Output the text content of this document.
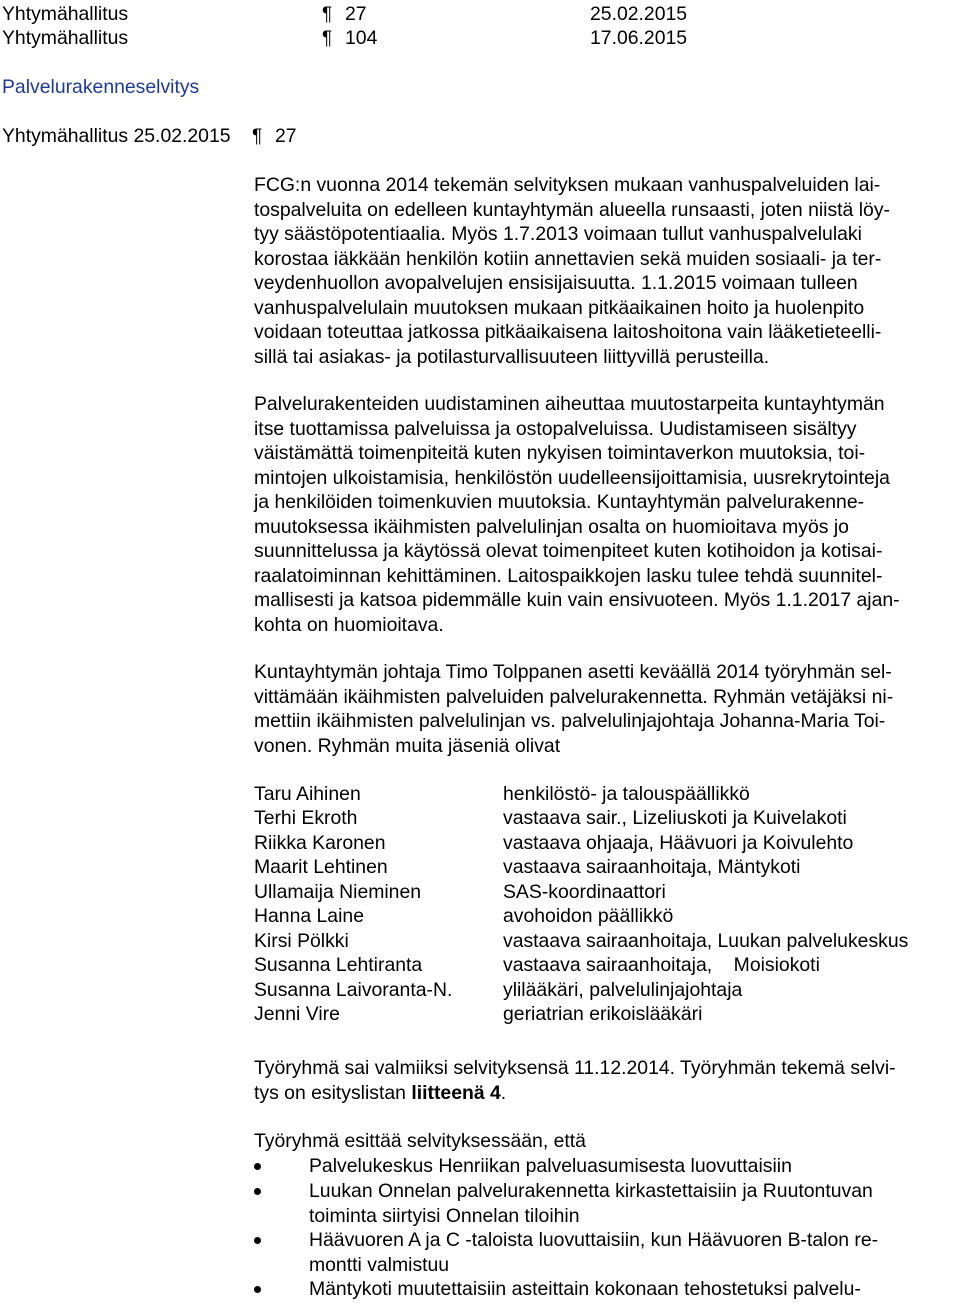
Yhtymähallitus	¶ 27	25.02.2015
Yhtymähallitus	¶ 104	17.06.2015
Palvelurakenneselvitys
Yhtymähallitus 25.02.2015 ¶ 27
FCG:n vuonna 2014 tekemän selvityksen mukaan vanhuspalveluiden lai-
tospalveluita on edelleen kuntayhtymän alueella runsaasti, joten niistä löy-
tyy säästöpotentiaalia. Myös 1.7.2013 voimaan tullut vanhuspalvelulaki
korostaa iäkkään henkilön kotiin annettavien sekä muiden sosiaali- ja ter-
veydenhuollon avopalvelujen ensisijaisuutta. 1.1.2015 voimaan tulleen
vanhuspalvelulain muutoksen mukaan pitkäaikainen hoito ja huolenpito
voidaan toteuttaa jatkossa pitkäaikaisena laitoshoitona vain lääketieteelli-
sillä tai asiakas- ja potilasturvallisuuteen liittyvillä perusteilla.
Palvelurakenteiden uudistaminen aiheuttaa muutostarpeita kuntayhtymän
itse tuottamissa palveluissa ja ostopalveluissa. Uudistamiseen sisältyy
väistämättä toimenpiteitä kuten nykyisen toimintaverkon muutoksia, toi-
mintojen ulkoistamisia, henkilöstön uudelleensijoittamisia, uusrekrytointeja
ja henkilöiden toimenkuvien muutoksia. Kuntayhtymän palvelurakenne-
muutoksessa ikäihmisten palvelulinjan osalta on huomioitava myös jo
suunnittelussa ja käytössä olevat toimenpiteet kuten kotihoidon ja kotisai-
raalatoiminnan kehittäminen. Laitospaikkojen lasku tulee tehdä suunnitel-
mallisesti ja katsoa pidemmälle kuin vain ensivuoteen. Myös 1.1.2017 ajan-
kohta on huomioitava.
Kuntayhtymän johtaja Timo Tolppanen asetti keväällä 2014 työryhmän sel-
vittämään ikäihmisten palveluiden palvelurakennetta. Ryhmän vetäjäksi ni-
mettiin ikäihmisten palvelulinjan vs. palvelulinjajohtaja Johanna-Maria Toi-
vonen. Ryhmän muita jäseniä olivat
Taru Aihinen	henkilöstö- ja talouspäällikkö
Terhi Ekroth	vastaava sair., Lizeliuskoti ja Kuivelakoti
Riikka Karonen	vastaava ohjaaja, Häävuori ja Koivulehto
Maarit Lehtinen	vastaava sairaanhoitaja, Mäntykoti
Ullamaija Nieminen	SAS-koordinaattori
Hanna Laine	avohoidon päällikkö
Kirsi Pölkki	vastaava sairaanhoitaja, Luukan palvelukeskus
Susanna Lehtiranta	vastaava sairaanhoitaja,    Moisiokoti
Susanna Laivoranta-N.	ylilääkäri, palvelulinjajohtaja
Jenni Vire	geriatrian erikoislääkäri
Työryhmä sai valmiiksi selvityksensä 11.12.2014. Työryhmän tekemä selvi-
tys on esityslistan liitteenä 4.
Työryhmä esittää selvityksessään, että
Palvelukeskus Henriikan palveluasumisesta luovuttaisiin
Luukan Onnelan palvelurakennetta kirkastettaisiin ja Ruutontuvan
toiminta siirtyisi Onnelan tiloihin
Häävuoren A ja C -taloista luovuttaisiin, kun Häävuoren B-talon re-
montti valmistuu
Mäntykoti muutettaisiin asteittain kokonaan tehostetuksi palvelu-
